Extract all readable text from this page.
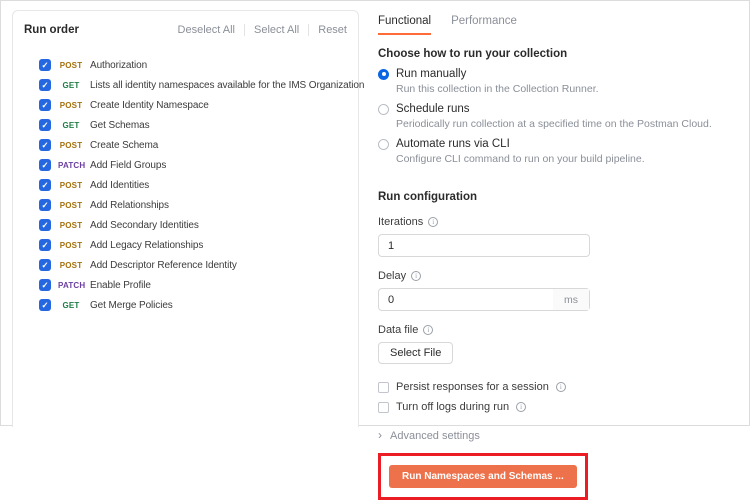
Run order	Deselect All	Select All	Reset
✓
POST Authorization
✓
GET	Lists all identity namespaces available for the IMS Organization
✓
POST Create Identity Namespace
✓
GET	Get Schemas
✓
POST Create Schema
✓
PATCH Add Field Groups
✓
POST Add Identities
✓
POST Add Relationships
✓
POST Add Secondary Identities
✓
POST Add Legacy Relationships
✓
POST Add Descriptor Reference Identity
✓
PATCH Enable Profile
✓
GET	Get Merge Policies
Functional Performance
Choose how to run your collection
Run manually
Run this collection in the Collection Runner.
Schedule runs
Periodically run collection at a specified time on the Postman Cloud.
Automate runs via CLI
Configure CLI command to run on your build pipeline.
Run configuration
Iterations
i
1
Delay
i
0
ms
Data file
i
Select File
Persist responses for a session
i
Turn off logs during run
i
›
Advanced settings
Run Namespaces and Schemas ...
